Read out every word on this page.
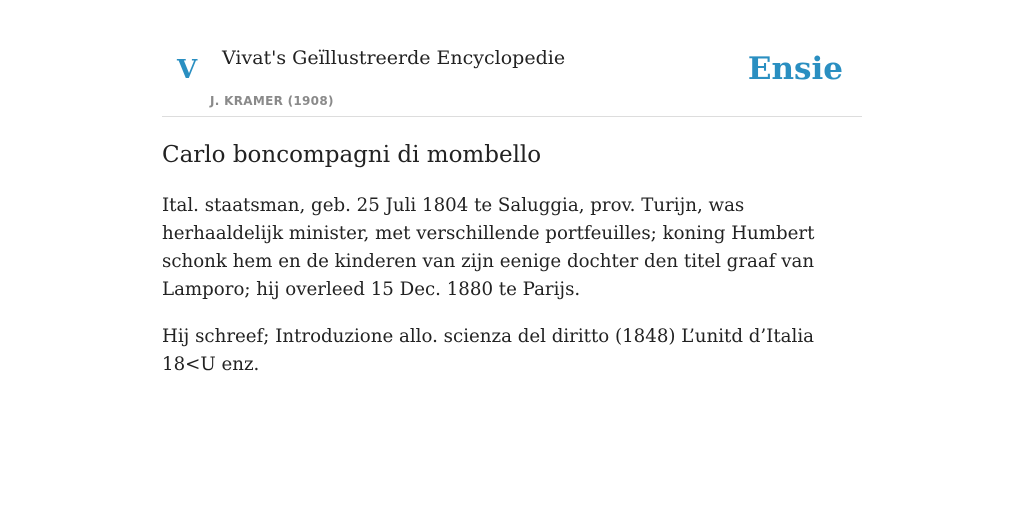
V Vivat's Geïllustreerde Encyclopedie
J. KRAMER (1908)
Ensie
Carlo boncompagni di mombello

Ital. staatsman, geb. 25 Juli 1804 te Saluggia, prov. Turijn, was herhaaldelijk minister, met verschillende portfeuilles; koning Humbert schonk hem en de kinderen van zijn eenige dochter den titel graaf van Lamporo; hij overleed 15 Dec. 1880 te Parijs.

Hij schreef; Introduzione allo. scienza del diritto (1848) L’unitd d’Italia 18<U enz.
